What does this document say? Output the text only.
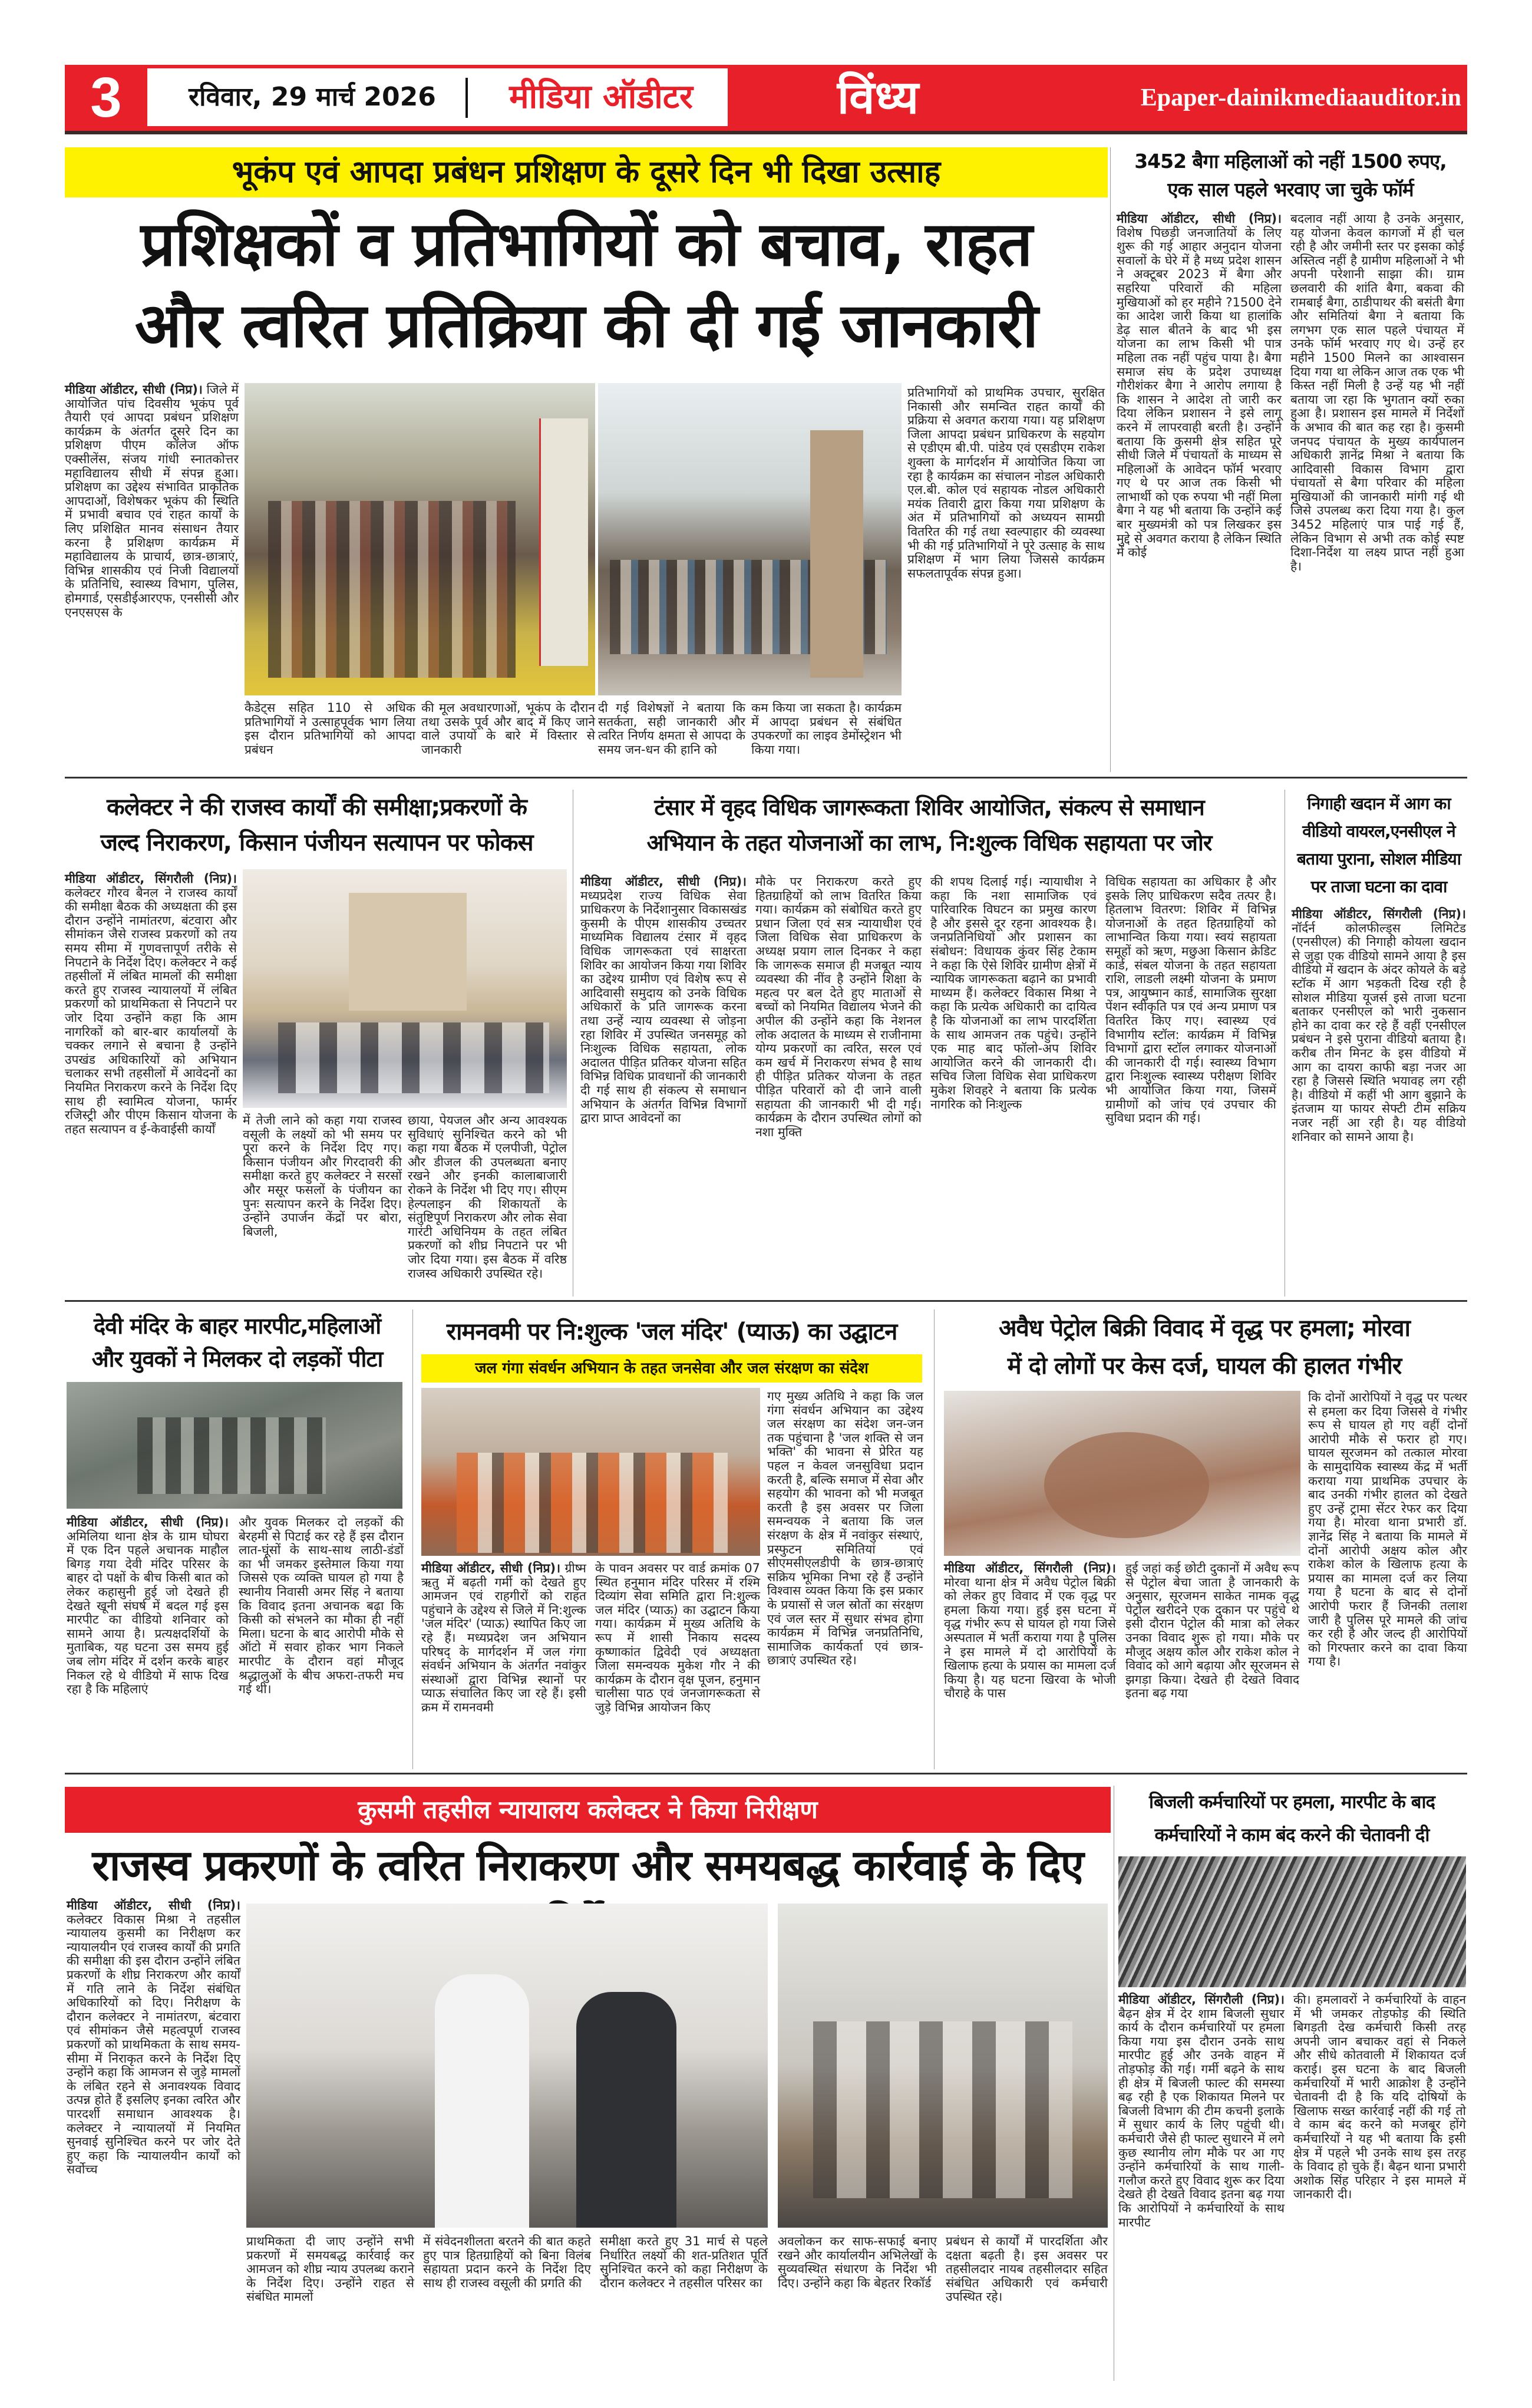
3	रविवार, 29 मार्च 2026	मीडिया ऑडीटर	विंध्य	Epaper-dainikmediaauditor.in
भूकंप एवं आपदा प्रबंधन प्रशिक्षण के दूसरे दिन भी दिखा उत्साह
प्रशिक्षकों व प्रतिभागियों को बचाव, राहत
और त्वरित प्रतिक्रिया की दी गई जानकारी
मीडिया ऑडीटर, सीधी (निप्र)। जिले में आयोजित पांच दिवसीय भूकंप पूर्व तैयारी एवं आपदा प्रबंधन प्रशिक्षण कार्यक्रम के अंतर्गत दूसरे दिन का प्रशिक्षण पीएम कॉलेज ऑफ एक्सीलेंस, संजय गांधी स्नातकोत्तर महाविद्यालय सीधी में संपन्न हुआ। प्रशिक्षण का उद्देश्य संभावित प्राकृतिक आपदाओं, विशेषकर भूकंप की स्थिति में प्रभावी बचाव एवं राहत कार्यों के लिए प्रशिक्षित मानव संसाधन तैयार करना है प्रशिक्षण कार्यक्रम में महाविद्यालय के प्राचार्य, छात्र-छात्राएं, विभिन्न शासकीय एवं निजी विद्यालयों के प्रतिनिधि, स्वास्थ्य विभाग, पुलिस, होमगार्ड, एसडीईआरएफ, एनसीसी और एनएसएस के
कैडेट्स सहित 110 से अधिक प्रतिभागियों ने उत्साहपूर्वक भाग लिया इस दौरान प्रतिभागियों को आपदा प्रबंधन
की मूल अवधारणाओं, भूकंप के दौरान तथा उसके पूर्व और बाद में किए जाने वाले उपायों के बारे में विस्तार से जानकारी
दी गई विशेषज्ञों ने बताया कि सतर्कता, सही जानकारी और त्वरित निर्णय क्षमता से आपदा के समय जन-धन की हानि को
कम किया जा सकता है। कार्यक्रम में आपदा प्रबंधन से संबंधित उपकरणों का लाइव डेमोंस्ट्रेशन भी किया गया।
प्रतिभागियों को प्राथमिक उपचार, सुरक्षित निकासी और समन्वित राहत कार्यों की प्रक्रिया से अवगत कराया गया। यह प्रशिक्षण जिला आपदा प्रबंधन प्राधिकरण के सहयोग से एडीएम बी.पी. पांडेय एवं एसडीएम राकेश शुक्ला के मार्गदर्शन में आयोजित किया जा रहा है कार्यक्रम का संचालन नोडल अधिकारी एल.बी. कोल एवं सहायक नोडल अधिकारी मयंक तिवारी द्वारा किया गया प्रशिक्षण के अंत में प्रतिभागियों को अध्ययन सामग्री वितरित की गई तथा स्वल्पाहार की व्यवस्था भी की गई प्रतिभागियों ने पूरे उत्साह के साथ प्रशिक्षण में भाग लिया जिससे कार्यक्रम सफलतापूर्वक संपन्न हुआ।
3452 बैगा महिलाओं को नहीं 1500 रुपए,
एक साल पहले भरवाए जा चुके फॉर्म
मीडिया ऑडीटर, सीधी (निप्र)। विशेष पिछड़ी जनजातियों के लिए शुरू की गई आहार अनुदान योजना सवालों के घेरे में है मध्य प्रदेश शासन ने अक्टूबर 2023 में बैगा और सहरिया परिवारों की महिला मुखियाओं को हर महीने ?1500 देने का आदेश जारी किया था हालांकि डेढ़ साल बीतने के बाद भी इस योजना का लाभ किसी भी पात्र महिला तक नहीं पहुंच पाया है। बैगा समाज संघ के प्रदेश उपाध्यक्ष गौरीशंकर बैगा ने आरोप लगाया है कि शासन ने आदेश तो जारी कर दिया लेकिन प्रशासन ने इसे लागू करने में लापरवाही बरती है। उन्होंने बताया कि कुसमी क्षेत्र सहित पूरे सीधी जिले में पंचायतों के माध्यम से महिलाओं के आवेदन फॉर्म भरवाए गए थे पर आज तक किसी भी लाभार्थी को एक रुपया भी नहीं मिला बैगा ने यह भी बताया कि उन्होंने कई बार मुख्यमंत्री को पत्र लिखकर इस मुद्दे से अवगत कराया है लेकिन स्थिति में कोई
बदलाव नहीं आया है उनके अनुसार, यह योजना केवल कागजों में ही चल रही है और जमीनी स्तर पर इसका कोई अस्तित्व नहीं है ग्रामीण महिलाओं ने भी अपनी परेशानी साझा की। ग्राम छलवारी की शांति बैगा, बकवा की रामबाई बैगा, ठाडीपाथर की बसंती बैगा और समितियां बैगा ने बताया कि लगभग एक साल पहले पंचायत में उनके फॉर्म भरवाए गए थे। उन्हें हर महीने 1500 मिलने का आश्वासन दिया गया था लेकिन आज तक एक भी किस्त नहीं मिली है उन्हें यह भी नहीं बताया जा रहा कि भुगतान क्यों रुका हुआ है। प्रशासन इस मामले में निर्देशों के अभाव की बात कह रहा है। कुसमी जनपद पंचायत के मुख्य कार्यपालन अधिकारी ज्ञानेंद्र मिश्रा ने बताया कि आदिवासी विकास विभाग द्वारा पंचायतों से बैगा परिवार की महिला मुखियाओं की जानकारी मांगी गई थी जिसे उपलब्ध करा दिया गया है। कुल 3452 महिलाएं पात्र पाई गई हैं, लेकिन विभाग से अभी तक कोई स्पष्ट दिशा-निर्देश या लक्ष्य प्राप्त नहीं हुआ है।
कलेक्टर ने की राजस्व कार्यों की समीक्षा;प्रकरणों के
जल्द निराकरण, किसान पंजीयन सत्यापन पर फोकस
मीडिया ऑडीटर, सिंगरौली (निप्र)। कलेक्टर गौरव बैनल ने राजस्व कार्यों की समीक्षा बैठक की अध्यक्षता की इस दौरान उन्होंने नामांतरण, बंटवारा और सीमांकन जैसे राजस्व प्रकरणों को तय समय सीमा में गुणवत्तापूर्ण तरीके से निपटाने के निर्देश दिए। कलेक्टर ने कई तहसीलों में लंबित मामलों की समीक्षा करते हुए राजस्व न्यायालयों में लंबित प्रकरणों को प्राथमिकता से निपटाने पर जोर दिया उन्होंने कहा कि आम नागरिकों को बार-बार कार्यालयों के चक्कर लगाने से बचाना है उन्होंने उपखंड अधिकारियों को अभियान चलाकर सभी तहसीलों में आवेदनों का नियमित निराकरण करने के निर्देश दिए साथ ही स्वामित्व योजना, फार्मर रजिस्ट्री और पीएम किसान योजना के तहत सत्यापन व ई-केवाईसी कार्यों
में तेजी लाने को कहा गया राजस्व वसूली के लक्ष्यों को भी समय पर पूरा करने के निर्देश दिए गए। किसान पंजीयन और गिरदावरी की समीक्षा करते हुए कलेक्टर ने सरसों और मसूर फसलों के पंजीयन का पुनः सत्यापन करने के निर्देश दिए। उन्होंने उपार्जन केंद्रों पर बोरा, बिजली,
छाया, पेयजल और अन्य आवश्यक सुविधाएं सुनिश्चित करने को भी कहा गया बैठक में एलपीजी, पेट्रोल और डीजल की उपलब्धता बनाए रखने और इनकी कालाबाजारी रोकने के निर्देश भी दिए गए। सीएम हेल्पलाइन की शिकायतों के संतुष्टिपूर्ण निराकरण और लोक सेवा गारंटी अधिनियम के तहत लंबित प्रकरणों को शीघ्र निपटाने पर भी जोर दिया गया। इस बैठक में वरिष्ठ राजस्व अधिकारी उपस्थित रहे।
टंसार में वृहद विधिक जागरूकता शिविर आयोजित, संकल्प से समाधान
अभियान के तहत योजनाओं का लाभ, नि:शुल्क विधिक सहायता पर जोर
मीडिया ऑडीटर, सीधी (निप्र)। मध्यप्रदेश राज्य विधिक सेवा प्राधिकरण के निर्देशानुसार विकासखंड कुसमी के पीएम शासकीय उच्चतर माध्यमिक विद्यालय टंसार में वृहद विधिक जागरूकता एवं साक्षरता शिविर का आयोजन किया गया शिविर का उद्देश्य ग्रामीण एवं विशेष रूप से आदिवासी समुदाय को उनके विधिक अधिकारों के प्रति जागरूक करना तथा उन्हें न्याय व्यवस्था से जोड़ना रहा शिविर में उपस्थित जनसमूह को निःशुल्क विधिक सहायता, लोक अदालत पीड़ित प्रतिकर योजना सहित विभिन्न विधिक प्रावधानों की जानकारी दी गई साथ ही संकल्प से समाधान अभियान के अंतर्गत विभिन्न विभागों द्वारा प्राप्त आवेदनों का
मौके पर निराकरण करते हुए हितग्राहियों को लाभ वितरित किया गया। कार्यक्रम को संबोधित करते हुए प्रधान जिला एवं सत्र न्यायाधीश एवं जिला विधिक सेवा प्राधिकरण के अध्यक्ष प्रयाग लाल दिनकर ने कहा कि जागरूक समाज ही मजबूत न्याय व्यवस्था की नींव है उन्होंने शिक्षा के महत्व पर बल देते हुए माताओं से बच्चों को नियमित विद्यालय भेजने की अपील की उन्होंने कहा कि नेशनल लोक अदालत के माध्यम से राजीनामा योग्य प्रकरणों का त्वरित, सरल एवं कम खर्च में निराकरण संभव है साथ ही पीड़ित प्रतिकर योजना के तहत पीड़ित परिवारों को दी जाने वाली सहायता की जानकारी भी दी गई। कार्यक्रम के दौरान उपस्थित लोगों को नशा मुक्ति
की शपथ दिलाई गई। न्यायाधीश ने कहा कि नशा सामाजिक एवं पारिवारिक विघटन का प्रमुख कारण है और इससे दूर रहना आवश्यक है। जनप्रतिनिधियों और प्रशासन का संबोधन: विधायक कुंवर सिंह टेकाम ने कहा कि ऐसे शिविर ग्रामीण क्षेत्रों में न्यायिक जागरूकता बढ़ाने का प्रभावी माध्यम हैं। कलेक्टर विकास मिश्रा ने कहा कि प्रत्येक अधिकारी का दायित्व है कि योजनाओं का लाभ पारदर्शिता के साथ आमजन तक पहुंचे। उन्होंने एक माह बाद फॉलो-अप शिविर आयोजित करने की जानकारी दी। सचिव जिला विधिक सेवा प्राधिकरण मुकेश शिवहरे ने बताया कि प्रत्येक नागरिक को निःशुल्क
विधिक सहायता का अधिकार है और इसके लिए प्राधिकरण सदैव तत्पर है। हितलाभ वितरण: शिविर में विभिन्न योजनाओं के तहत हितग्राहियों को लाभान्वित किया गया। स्वयं सहायता समूहों को ऋण, मछुआ किसान क्रेडिट कार्ड, संबल योजना के तहत सहायता राशि, लाडली लक्ष्मी योजना के प्रमाण पत्र, आयुष्मान कार्ड, सामाजिक सुरक्षा पेंशन स्वीकृति पत्र एवं अन्य प्रमाण पत्र वितरित किए गए। स्वास्थ्य एवं विभागीय स्टॉल: कार्यक्रम में विभिन्न विभागों द्वारा स्टॉल लगाकर योजनाओं की जानकारी दी गई। स्वास्थ्य विभाग द्वारा निःशुल्क स्वास्थ्य परीक्षण शिविर भी आयोजित किया गया, जिसमें ग्रामीणों को जांच एवं उपचार की सुविधा प्रदान की गई।
निगाही खदान में आग का वीडियो वायरल,एनसीएल ने बताया पुराना, सोशल मीडिया पर ताजा घटना का दावा
मीडिया ऑडीटर, सिंगरौली (निप्र)। नॉर्दर्न कोलफील्ड्स लिमिटेड (एनसीएल) की निगाही कोयला खदान से जुड़ा एक वीडियो सामने आया है इस वीडियो में खदान के अंदर कोयले के बड़े स्टॉक में आग भड़कती दिख रही है सोशल मीडिया यूजर्स इसे ताजा घटना बताकर एनसीएल को भारी नुकसान होने का दावा कर रहे हैं वहीं एनसीएल प्रबंधन ने इसे पुराना वीडियो बताया है। करीब तीन मिनट के इस वीडियो में आग का दायरा काफी बड़ा नजर आ रहा है जिससे स्थिति भयावह लग रही है। वीडियो में कहीं भी आग बुझाने के इंतजाम या फायर सेफ्टी टीम सक्रिय नजर नहीं आ रही है। यह वीडियो शनिवार को सामने आया है।
देवी मंदिर के बाहर मारपीट,महिलाओं
और युवकों ने मिलकर दो लड़कों पीटा
मीडिया ऑडीटर, सीधी (निप्र)। अमिलिया थाना क्षेत्र के ग्राम घोघरा में एक दिन पहले अचानक माहौल बिगड़ गया देवी मंदिर परिसर के बाहर दो पक्षों के बीच किसी बात को लेकर कहासुनी हुई जो देखते ही देखते खूनी संघर्ष में बदल गई इस मारपीट का वीडियो शनिवार को सामने आया है। प्रत्यक्षदर्शियों के मुताबिक, यह घटना उस समय हुई जब लोग मंदिर में दर्शन करके बाहर निकल रहे थे वीडियो में साफ दिख रहा है कि महिलाएं
और युवक मिलकर दो लड़कों की बेरहमी से पिटाई कर रहे हैं इस दौरान लात-घूंसों के साथ-साथ लाठी-डंडों का भी जमकर इस्तेमाल किया गया जिससे एक व्यक्ति घायल हो गया है स्थानीय निवासी अमर सिंह ने बताया कि विवाद इतना अचानक बढ़ा कि किसी को संभलने का मौका ही नहीं मिला। घटना के बाद आरोपी मौके से ऑटो में सवार होकर भाग निकले मारपीट के दौरान वहां मौजूद श्रद्धालुओं के बीच अफरा-तफरी मच गई थी।
रामनवमी पर नि:शुल्क 'जल मंदिर' (प्याऊ) का उद्घाटन
जल गंगा संवर्धन अभियान के तहत जनसेवा और जल संरक्षण का संदेश
मीडिया ऑडीटर, सीधी (निप्र)। ग्रीष्म ऋतु में बढ़ती गर्मी को देखते हुए आमजन एवं राहगीरों को राहत पहुंचाने के उद्देश्य से जिले में नि:शुल्क 'जल मंदिर' (प्याऊ) स्थापित किए जा रहे हैं। मध्यप्रदेश जन अभियान परिषद् के मार्गदर्शन में जल गंगा संवर्धन अभियान के अंतर्गत नवांकुर संस्थाओं द्वारा विभिन्न स्थानों पर प्याऊ संचालित किए जा रहे हैं। इसी क्रम में रामनवमी
के पावन अवसर पर वार्ड क्रमांक 07 स्थित हनुमान मंदिर परिसर में रश्मि दिव्यांग सेवा समिति द्वारा नि:शुल्क जल मंदिर (प्याऊ) का उद्घाटन किया गया। कार्यक्रम में मुख्य अतिथि के रूप में शासी निकाय सदस्य कृष्णाकांत द्विवेदी एवं अध्यक्षता जिला समन्वयक मुकेश गौर ने की कार्यक्रम के दौरान वृक्ष पूजन, हनुमान चालीसा पाठ एवं जनजागरूकता से जुड़े विभिन्न आयोजन किए
गए मुख्य अतिथि ने कहा कि जल गंगा संवर्धन अभियान का उद्देश्य जल संरक्षण का संदेश जन-जन तक पहुंचाना है 'जल शक्ति से जन भक्ति' की भावना से प्रेरित यह पहल न केवल जनसुविधा प्रदान करती है, बल्कि समाज में सेवा और सहयोग की भावना को भी मजबूत करती है इस अवसर पर जिला समन्वयक ने बताया कि जल संरक्षण के क्षेत्र में नवांकुर संस्थाएं, प्रस्फुटन समितियां एवं सीएमसीएलडीपी के छात्र-छात्राएं सक्रिय भूमिका निभा रहे हैं उन्होंने विश्वास व्यक्त किया कि इस प्रकार के प्रयासों से जल स्रोतों का संरक्षण एवं जल स्तर में सुधार संभव होगा कार्यक्रम में विभिन्न जनप्रतिनिधि, सामाजिक कार्यकर्ता एवं छात्र-छात्राएं उपस्थित रहे।
अवैध पेट्रोल बिक्री विवाद में वृद्ध पर हमला; मोरवा
में दो लोगों पर केस दर्ज, घायल की हालत गंभीर
मीडिया ऑडीटर, सिंगरौली (निप्र)। मोरवा थाना क्षेत्र में अवैध पेट्रोल बिक्री को लेकर हुए विवाद में एक वृद्ध पर हमला किया गया। हुई इस घटना में वृद्ध गंभीर रूप से घायल हो गया जिसे अस्पताल में भर्ती कराया गया है पुलिस ने इस मामले में दो आरोपियों के खिलाफ हत्या के प्रयास का मामला दर्ज किया है। यह घटना खिरवा के भोजी चौराहे के पास
हुई जहां कई छोटी दुकानों में अवैध रूप से पेट्रोल बेचा जाता है जानकारी के अनुसार, सूरजमन साकेत नामक वृद्ध पेट्रोल खरीदने एक दुकान पर पहुंचे थे इसी दौरान पेट्रोल की मात्रा को लेकर उनका विवाद शुरू हो गया। मौके पर मौजूद अक्षय कोल और राकेश कोल ने विवाद को आगे बढ़ाया और सूरजमन से झगड़ा किया। देखते ही देखते विवाद इतना बढ़ गया
कि दोनों आरोपियों ने वृद्ध पर पत्थर से हमला कर दिया जिससे वे गंभीर रूप से घायल हो गए वहीं दोनों आरोपी मौके से फरार हो गए। घायल सूरजमन को तत्काल मोरवा के सामुदायिक स्वास्थ्य केंद्र में भर्ती कराया गया प्राथमिक उपचार के बाद उनकी गंभीर हालत को देखते हुए उन्हें ट्रामा सेंटर रेफर कर दिया गया है। मोरवा थाना प्रभारी डॉ. ज्ञानेंद्र सिंह ने बताया कि मामले में दोनों आरोपी अक्षय कोल और राकेश कोल के खिलाफ हत्या के प्रयास का मामला दर्ज कर लिया गया है घटना के बाद से दोनों आरोपी फरार हैं जिनकी तलाश जारी है पुलिस पूरे मामले की जांच कर रही है और जल्द ही आरोपियों को गिरफ्तार करने का दावा किया गया है।
कुसमी तहसील न्यायालय कलेक्टर ने किया निरीक्षण
राजस्व प्रकरणों के त्वरित निराकरण और समयबद्ध कार्रवाई के दिए
मीडिया ऑडीटर, सीधी (निप्र)। कलेक्टर विकास मिश्रा ने तहसील न्यायालय कुसमी का निरीक्षण कर न्यायालयीन एवं राजस्व कार्यों की प्रगति की समीक्षा की इस दौरान उन्होंने लंबित प्रकरणों के शीघ्र निराकरण और कार्यों में गति लाने के निर्देश संबंधित अधिकारियों को दिए। निरीक्षण के दौरान कलेक्टर ने नामांतरण, बंटवारा एवं सीमांकन जैसे महत्वपूर्ण राजस्व प्रकरणों को प्राथमिकता के साथ समय-सीमा में निराकृत करने के निर्देश दिए उन्होंने कहा कि आमजन से जुड़े मामलों के लंबित रहने से अनावश्यक विवाद उत्पन्न होते हैं इसलिए इनका त्वरित और पारदर्शी समाधान आवश्यक है। कलेक्टर ने न्यायालयों में नियमित सुनवाई सुनिश्चित करने पर जोर देते हुए कहा कि न्यायालयीन कार्यों को सर्वोच्च
प्राथमिकता दी जाए उन्होंने सभी प्रकरणों में समयबद्ध कार्रवाई कर आमजन को शीघ्र न्याय उपलब्ध कराने के निर्देश दिए। उन्होंने राहत से संबंधित मामलों
में संवेदनशीलता बरतने की बात कहते हुए पात्र हितग्राहियों को बिना विलंब सहायता प्रदान करने के निर्देश दिए साथ ही राजस्व वसूली की प्रगति की
समीक्षा करते हुए 31 मार्च से पहले निर्धारित लक्ष्यों की शत-प्रतिशत पूर्ति सुनिश्चित करने को कहा निरीक्षण के दौरान कलेक्टर ने तहसील परिसर का
अवलोकन कर साफ-सफाई बनाए रखने और कार्यालयीन अभिलेखों के सुव्यवस्थित संधारण के निर्देश भी दिए। उन्होंने कहा कि बेहतर रिकॉर्ड
प्रबंधन से कार्यों में पारदर्शिता और दक्षता बढ़ती है। इस अवसर पर तहसीलदार नायब तहसीलदार सहित संबंधित अधिकारी एवं कर्मचारी उपस्थित रहे।
बिजली कर्मचारियों पर हमला, मारपीट के बाद
कर्मचारियों ने काम बंद करने की चेतावनी दी
मीडिया ऑडीटर, सिंगरौली (निप्र)। बैढ़न क्षेत्र में देर शाम बिजली सुधार कार्य के दौरान कर्मचारियों पर हमला किया गया इस दौरान उनके साथ मारपीट हुई और उनके वाहन में तोड़फोड़ की गई। गर्मी बढ़ने के साथ ही क्षेत्र में बिजली फाल्ट की समस्या बढ़ रही है एक शिकायत मिलने पर बिजली विभाग की टीम कचनी इलाके में सुधार कार्य के लिए पहुंची थी। कर्मचारी जैसे ही फाल्ट सुधारने में लगे कुछ स्थानीय लोग मौके पर आ गए उन्होंने कर्मचारियों के साथ गाली-गलौज करते हुए विवाद शुरू कर दिया देखते ही देखते विवाद इतना बढ़ गया कि आरोपियों ने कर्मचारियों के साथ मारपीट
की। हमलावरों ने कर्मचारियों के वाहन में भी जमकर तोड़फोड़ की स्थिति बिगड़ती देख कर्मचारी किसी तरह अपनी जान बचाकर वहां से निकले और सीधे कोतवाली में शिकायत दर्ज कराई। इस घटना के बाद बिजली कर्मचारियों में भारी आक्रोश है उन्होंने चेतावनी दी है कि यदि दोषियों के खिलाफ सख्त कार्रवाई नहीं की गई तो वे काम बंद करने को मजबूर होंगे कर्मचारियों ने यह भी बताया कि इसी क्षेत्र में पहले भी उनके साथ इस तरह के विवाद हो चुके हैं। बैढ़न थाना प्रभारी अशोक सिंह परिहार ने इस मामले में जानकारी दी।
